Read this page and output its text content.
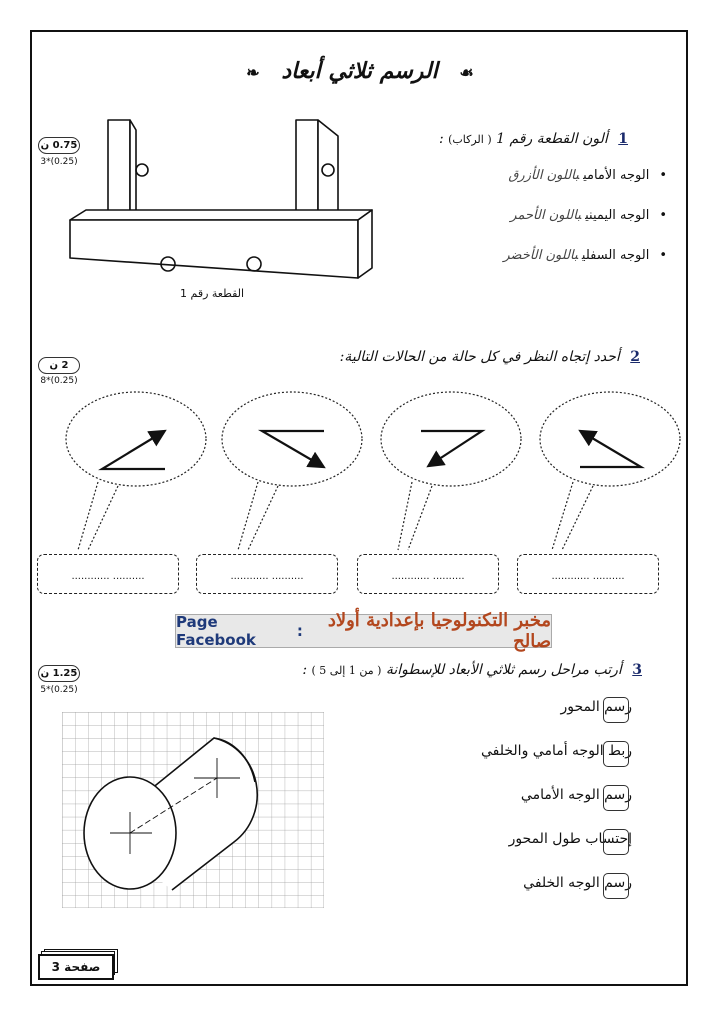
☙ الرسم ثلاثي أبعاد ❧
0.75 ن
3*(0.25)
1 ألون القطعة رقم 1 ( الركاب) :
•الوجه الأماميباللون الأزرق
•الوجه اليمينيباللون الأحمر
•الوجه السفليباللون الأخضر
القطعة رقم 1
2 ن
8*(0.25)
2 أحدد إتجاه النظر في كل حالة من الحالات التالية:
............ ..........	............ ..........	............ ..........	............ ..........
Page Facebook	:	مخبر التكنولوجيا بإعدادية أولاد صالح
1.25 ن
5*(0.25)
3 أرتب مراحل رسم ثلاثي الأبعاد للإسطوانة ( من 1 إلى 5 ) :
رسم المحور
ربط الوجه أمامي والخلفي
رسم الوجه الأمامي
إحتساب طول المحور
رسم الوجه الخلفي
صفحة 3
